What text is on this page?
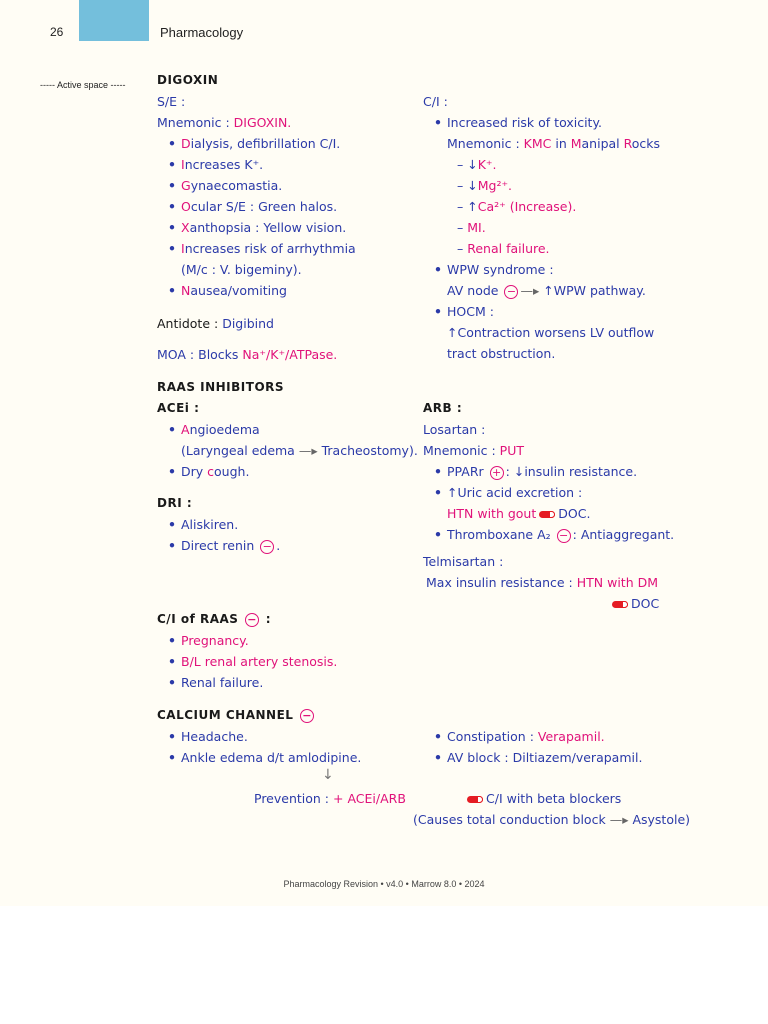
26	Pharmacology
----- Active space -----	DIGOXIN
S/E :
Mnemonic : DIGOXIN.
• Dialysis, defibrillation C/I.
• Increases K⁺.
• Gynaecomastia.
• Ocular S/E : Green halos.
• Xanthopsia : Yellow vision.
• Increases risk of arrhythmia
(M/c : V. bigeminy).
• Nausea/vomiting
Antidote : Digibind
MOA : Blocks Na⁺/K⁺/ATPase.
C/I :
• Increased risk of toxicity.
Mnemonic : KMC in Manipal Rocks
– ↓K⁺.
– ↓Mg²⁺.
– ↑Ca²⁺ (Increase).
– MI.
– Renal failure.
• WPW syndrome :
AV node − —▸ ↑WPW pathway.
• HOCM :
↑Contraction worsens LV outflow
tract obstruction.
RAAS INHIBITORS
ACEi :
• Angioedema
(Laryngeal edema —▸ Tracheostomy).
• Dry cough.
DRI :
• Aliskiren.
• Direct renin − .
ARB :
Losartan :
Mnemonic : PUT
• PPARr + : ↓insulin resistance.
• ↑Uric acid excretion :
HTN with gout DOC.
• Thromboxane A₂ − : Antiaggregant.
Telmisartan :
Max insulin resistance : HTN with DM
DOC
C/I of RAAS − :
• Pregnancy.
• B/L renal artery stenosis.
• Renal failure.
CALCIUM CHANNEL −
• Headache.
• Ankle edema d/t amlodipine.
↓
Prevention : + ACEi/ARB
• Constipation : Verapamil.
• AV block : Diltiazem/verapamil.
C/I with beta blockers
(Causes total conduction block —▸ Asystole)
Pharmacology Revision • v4.0 • Marrow 8.0 • 2024
